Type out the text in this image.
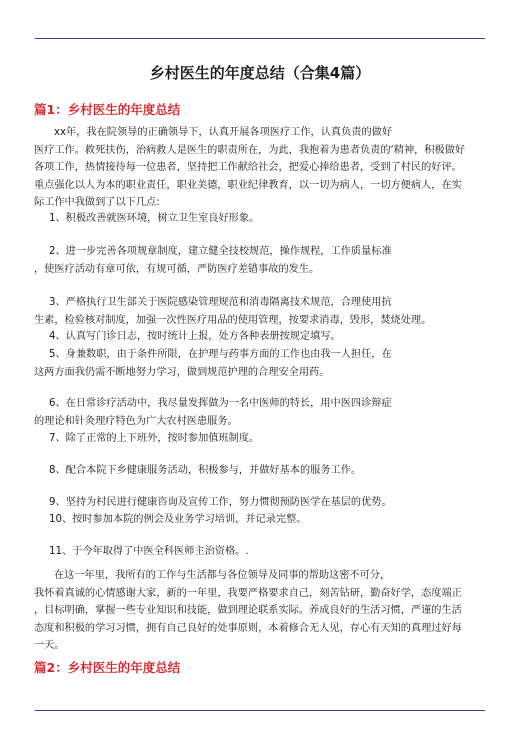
乡村医生的年度总结（合集4篇）
篇1：乡村医生的年度总结

xx年，我在院领导的正确领导下，认真开展各项医疗工作，认真负责的做好

医疗工作。救死扶伤，治病救人是医生的职责所在，为此，我抱着为患者负责的‘精神，积极做好

各项工作，热情接待每一位患者，坚持把工作献给社会，把爱心捧给患者，受到了村民的好评。

重点强化以人为本的职业责任，职业美德，职业纪律教育，以一切为病人，一切方便病人，在实

际工作中我做到了以下几点:

1、积极改善就医环境，树立卫生室良好形象。
2、进一步完善各项规章制度，建立健全技校规范，操作规程，工作质量标准
，使医疗活动有章可依，有规可循，严防医疗差错事故的发生。
3、严格执行卫生部关于医院感染管理规范和消毒隔离技术规范，合理使用抗
生素，检验核对制度，加强一次性医疗用品的使用管理，按要求消毒，毁形，焚烧处理。
4、认真写门诊日志，按时统计上报，处方各种表册按规定填写。
5、身兼数职，由于条件所限，在护理与药事方面的工作也由我一人担任，在
这两方面我仍需不断地努力学习，做到规范护理的合理安全用药。
6、在日常诊疗活动中，我尽量发挥做为一名中医师的特长，用中医四诊辩症
的理论和针灸理疗特色为广大农村医患服务。
7、除了正常的上下班外，按时参加值班制度。
8、配合本院下乡健康服务活动，积极参与，并做好基本的服务工作。
9、坚持为村民进行健康咨询及宣传工作，努力惯彻预防医学在基层的优势。
10、按时参加本院的例会及业务学习培训，并记录完整。
11、于今年取得了中医全科医师主治资格。.

在这一年里，我所有的工作与生活都与各位领导及同事的帮助这密不可分，

我怀着真诚的心情感谢大家，新的一年里，我要严格要求自己，刻苦钻研，勤奋好学，态度端正

，目标明确，掌握一些专业知识和技能，做到理论联系实际。养成良好的生活习惯，严谨的生活

态度和积极的学习习惯，拥有自己良好的处事原则，本着修合无人见，存心有天知的真理过好每

一天。

篇2：乡村医生的年度总结
